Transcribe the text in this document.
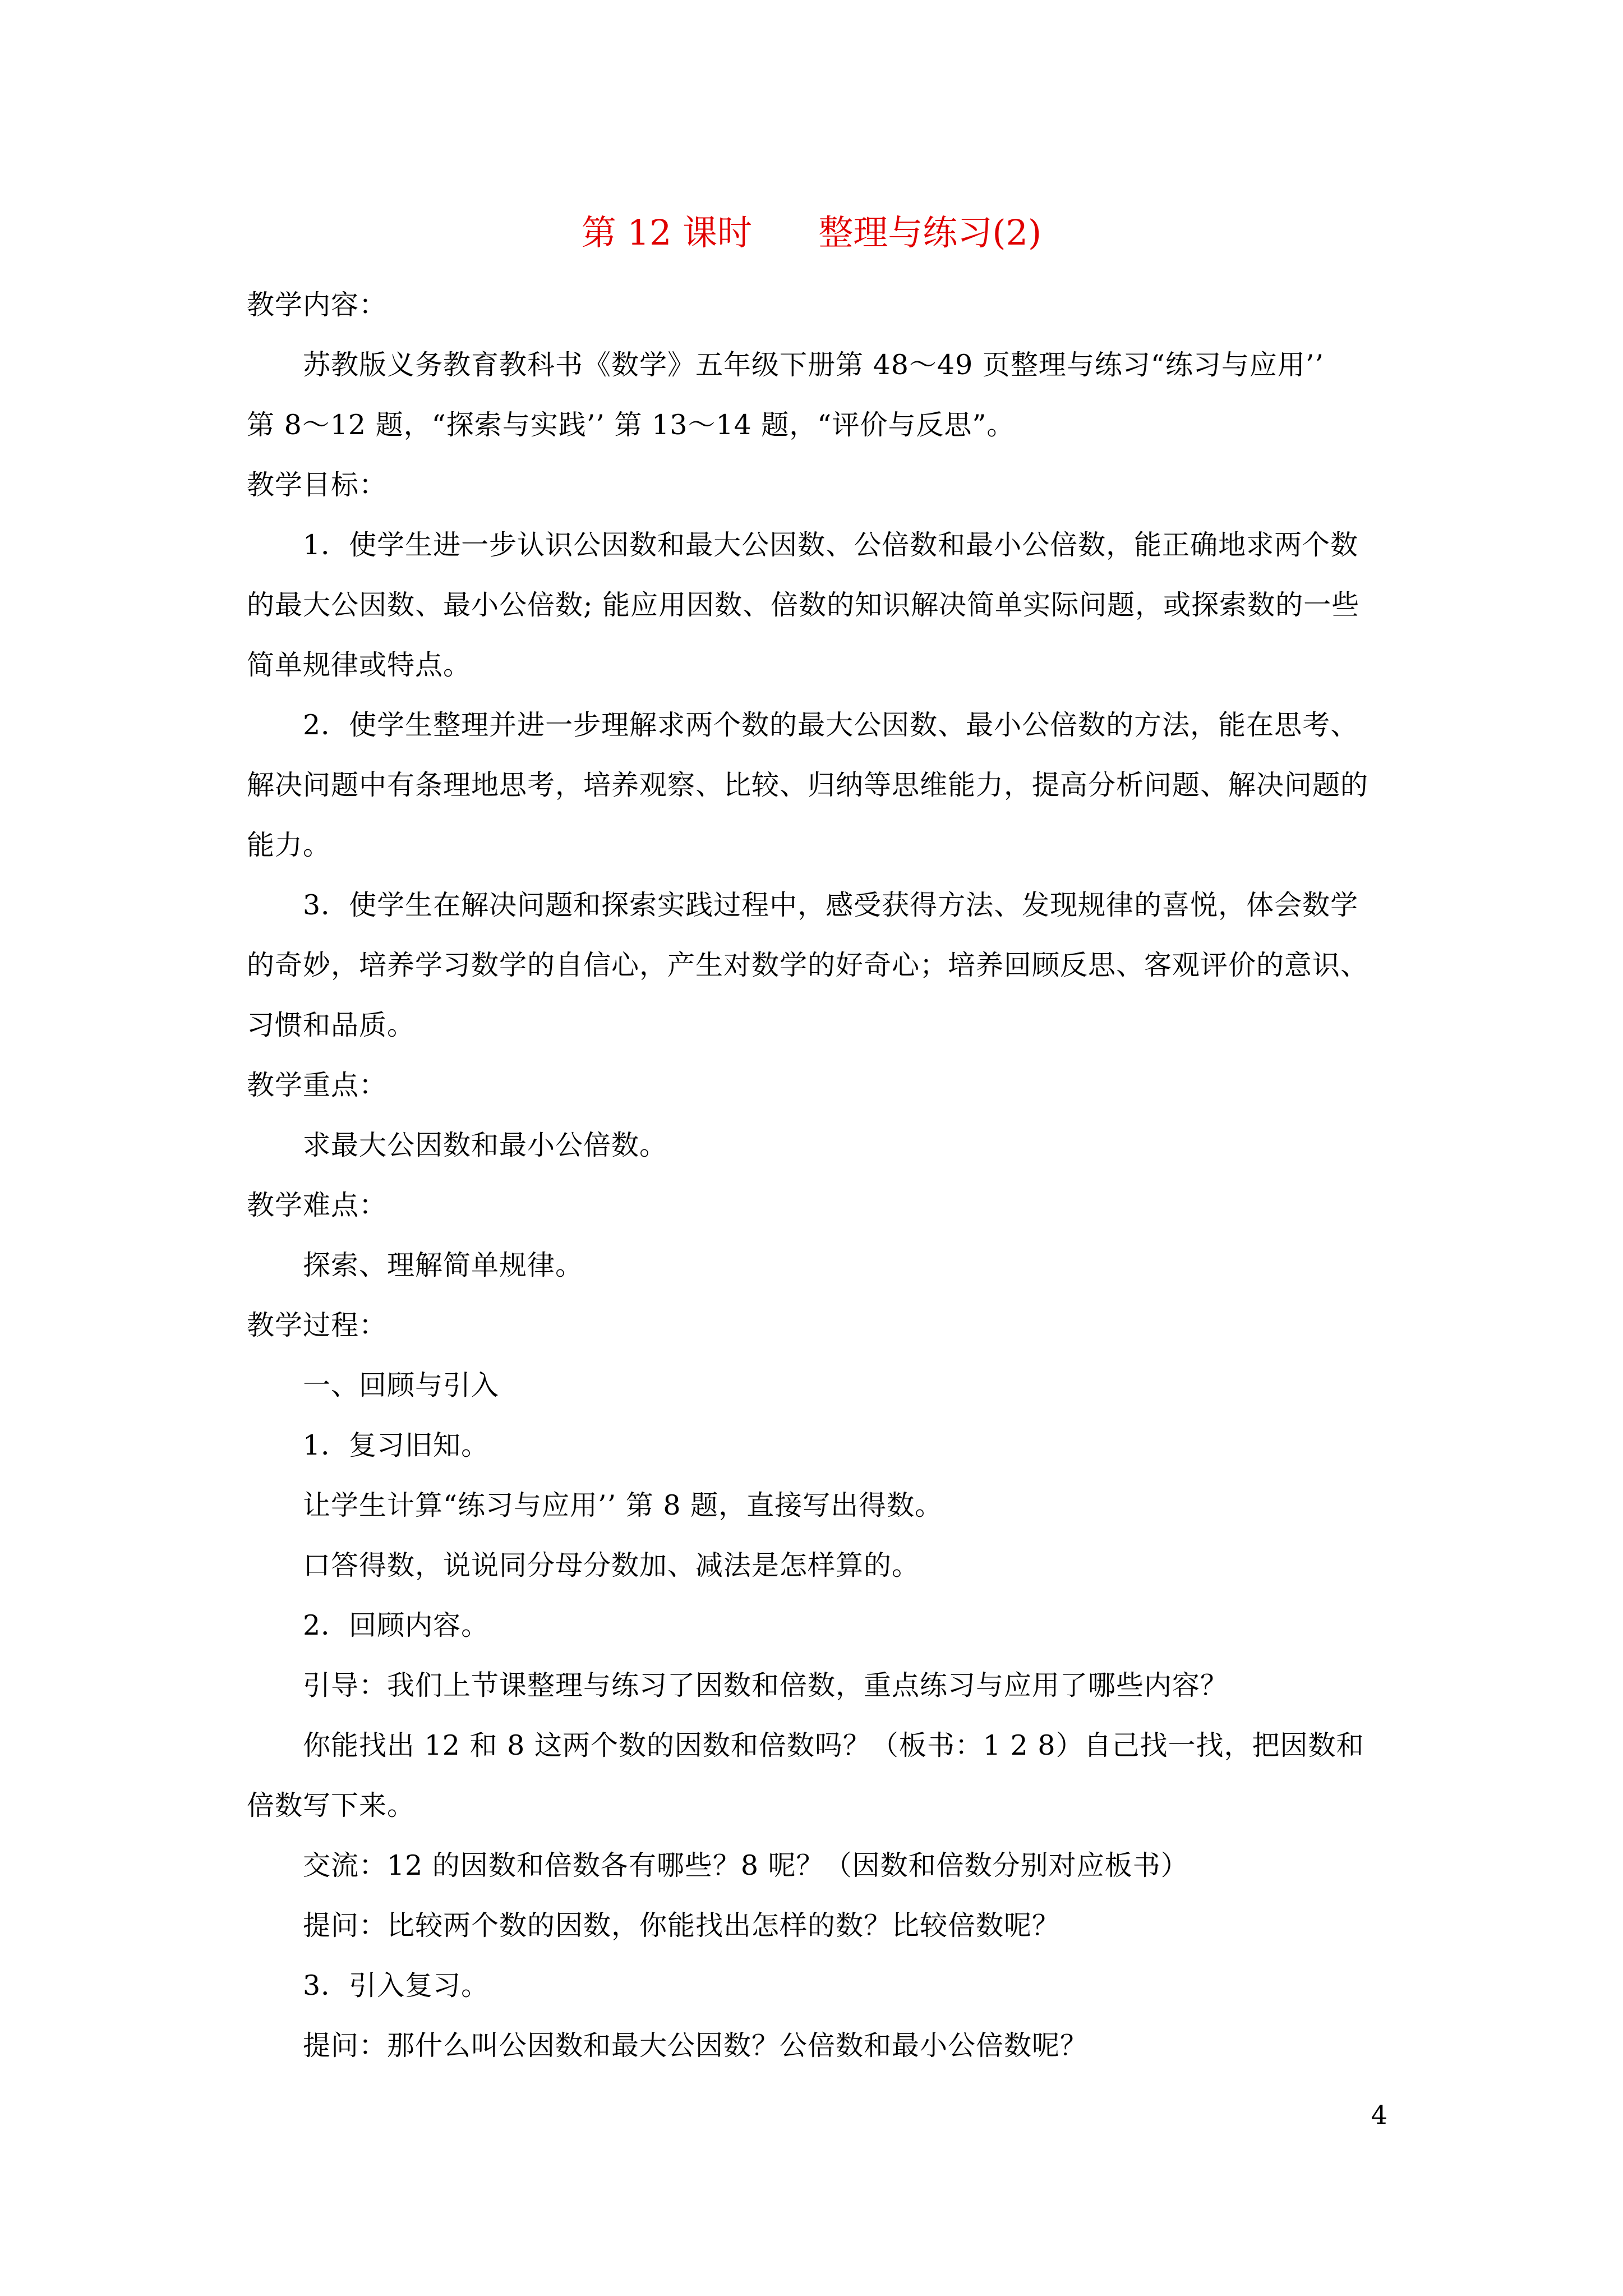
第 12 课时      整理与练习(2)
教学内容：
苏教版义务教育教科书《数学》五年级下册第 48～49 页整理与练习“练习与应用’’
第 8～12 题，“探索与实践’’ 第 13～14 题，“评价与反思”。
教学目标：
1．使学生进一步认识公因数和最大公因数、公倍数和最小公倍数，能正确地求两个数
的最大公因数、最小公倍数; 能应用因数、倍数的知识解决简单实际问题，或探索数的一些
简单规律或特点。
2．使学生整理并进一步理解求两个数的最大公因数、最小公倍数的方法，能在思考、
解决问题中有条理地思考，培养观察、比较、归纳等思维能力，提高分析问题、解决问题的
能力。
3．使学生在解决问题和探索实践过程中，感受获得方法、发现规律的喜悦，体会数学
的奇妙，培养学习数学的自信心，产生对数学的好奇心；培养回顾反思、客观评价的意识、
习惯和品质。
教学重点：
求最大公因数和最小公倍数。
教学难点：
探索、理解简单规律。
教学过程：
一、回顾与引入
1．复习旧知。
让学生计算“练习与应用’’ 第 8 题，直接写出得数。
口答得数，说说同分母分数加、减法是怎样算的。
2．回顾内容。
引导：我们上节课整理与练习了因数和倍数，重点练习与应用了哪些内容？
你能找出 12 和 8 这两个数的因数和倍数吗？（板书：1 2 8）自己找一找，把因数和
倍数写下来。
交流：12 的因数和倍数各有哪些？8 呢？（因数和倍数分别对应板书）
提问：比较两个数的因数，你能找出怎样的数？比较倍数呢？
3．引入复习。
提问：那什么叫公因数和最大公因数？公倍数和最小公倍数呢？
4
